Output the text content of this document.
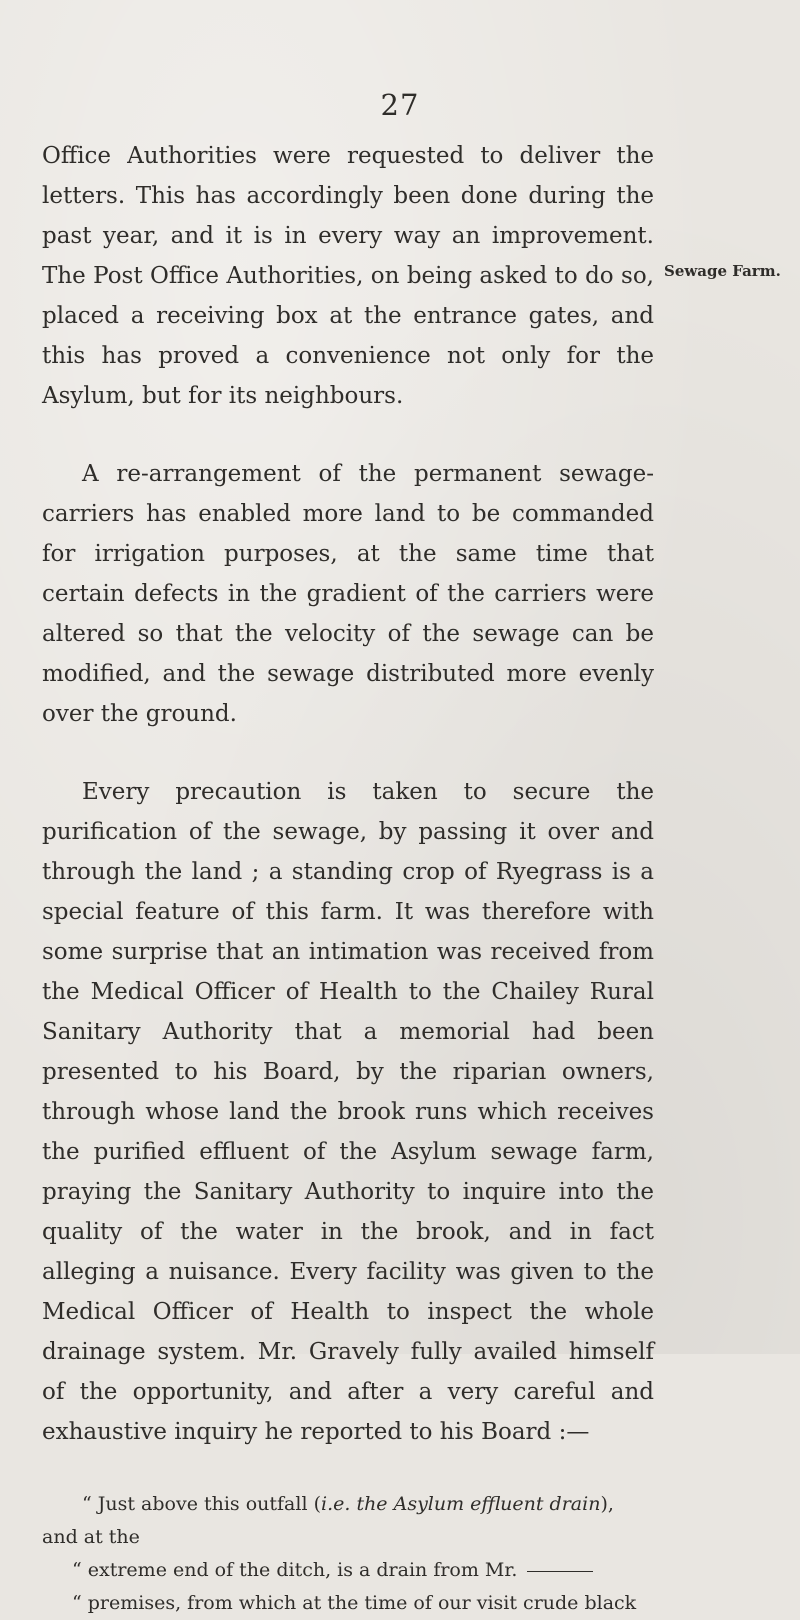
27
Sewage Farm.

Office Authorities were requested to deliver the letters. This has accordingly been done during the past year, and it is in every way an improvement. The Post Office Authorities, on being asked to do so, placed a receiving box at the entrance gates, and this has proved a convenience not only for the Asylum, but for its neighbours.

A re-arrangement of the permanent sewage-carriers has enabled more land to be commanded for irrigation purposes, at the same time that certain defects in the gradient of the carriers were altered so that the velocity of the sewage can be modified, and the sewage distributed more evenly over the ground.

Every precaution is taken to secure the purification of the sewage, by passing it over and through the land ; a standing crop of Ryegrass is a special feature of this farm. It was therefore with some surprise that an intimation was received from the Medical Officer of Health to the Chailey Rural Sanitary Authority that a memorial had been presented to his Board, by the riparian owners, through whose land the brook runs which receives the purified effluent of the Asylum sewage farm, praying the Sanitary Authority to inquire into the quality of the water in the brook, and in fact alleging a nuisance. Every facility was given to the Medical Officer of Health to inspect the whole drainage system. Mr. Gravely fully availed himself of the opportunity, and after a very careful and exhaustive inquiry he reported to his Board :—

“ Just above this outfall (i.e. the Asylum effluent drain), and at the
“ extreme end of the ditch, is a drain from Mr.
“ premises, from which at the time of our visit crude black
